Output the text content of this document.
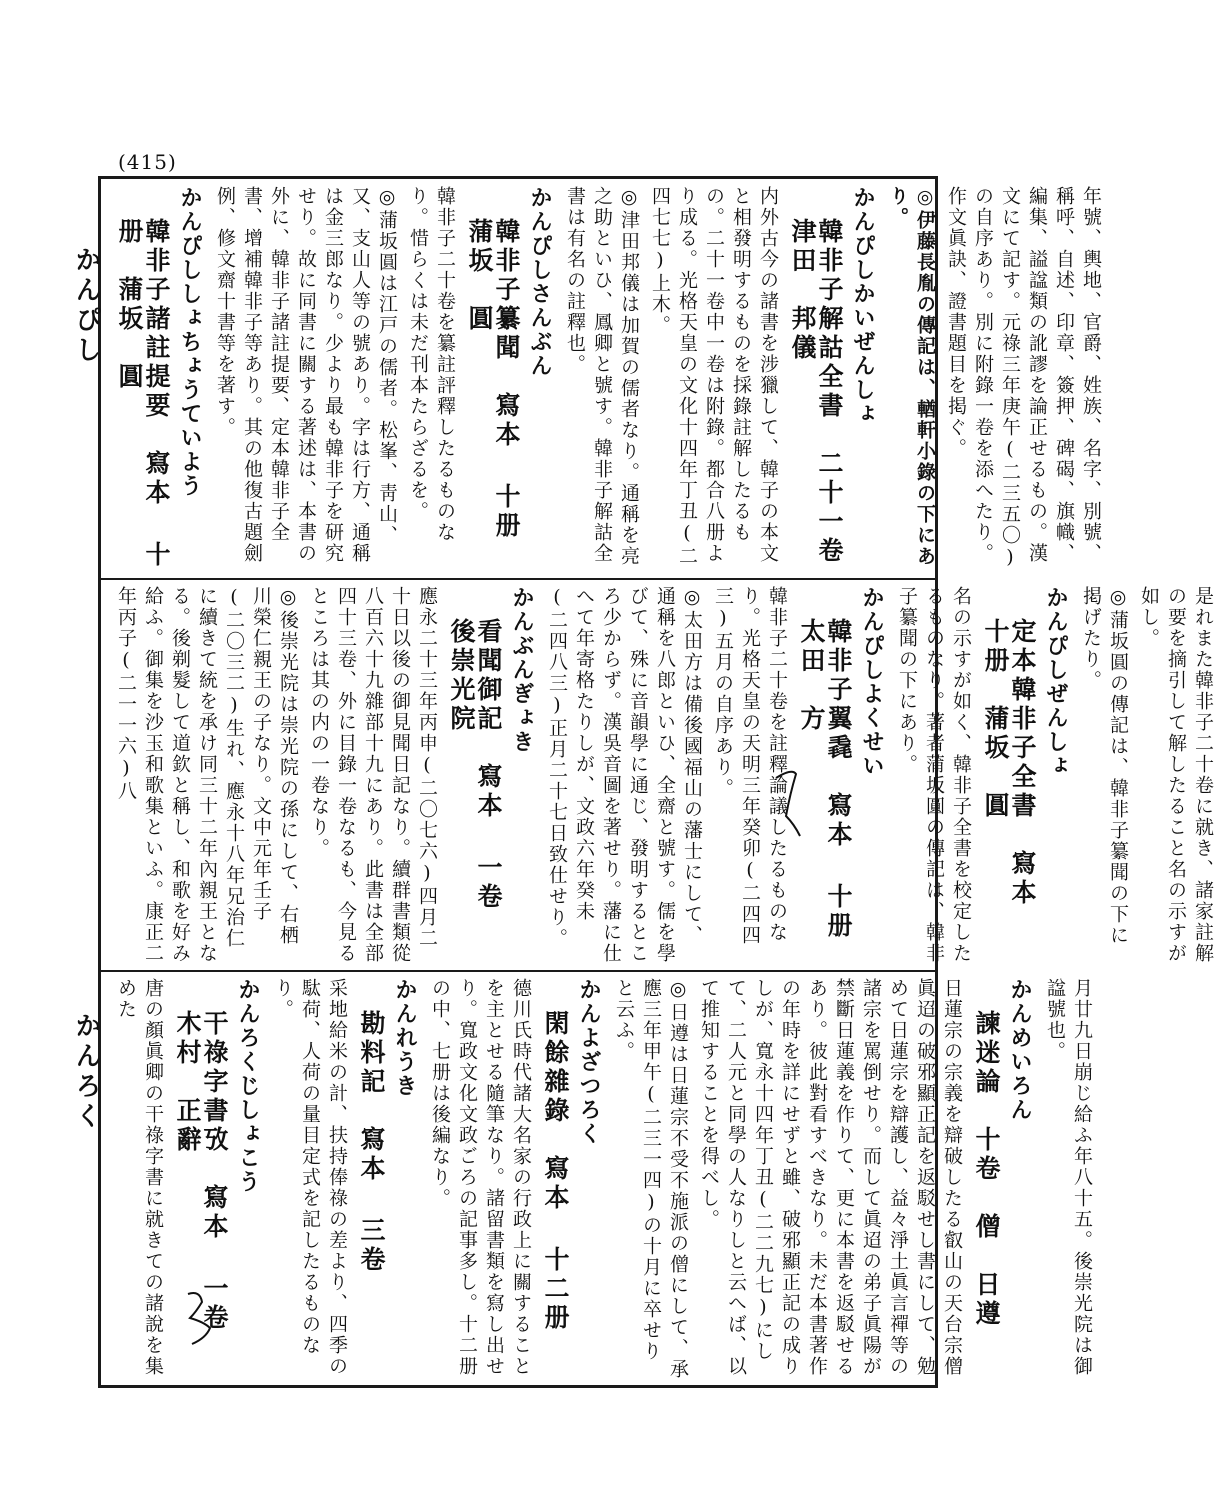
(415)
かんぴし
かんろく

年號、輿地、官爵、姓族、名字、別號、稱呼、自述、印章、簽押、碑碣、旗幟、編集、謚諡類の訛謬を論正せるもの。漢文にて記す。元祿三年庚午(二三五〇)の自序あり。別に附錄一卷を添へたり。作文眞訣、證書題目を掲ぐ。

◎伊藤長胤の傳記は、輶軒小錄の下にあり。

かんぴしかいぜんしょ

韓非子解詁全書　二十一卷　津田　邦儀

内外古今の諸書を涉獵して、韓子の本文と相發明するものを採錄註解したるもの。二十一卷中一卷は附錄。都合八册より成る。光格天皇の文化十四年丁丑(二四七七)上木。

◎津田邦儀は加賀の儒者なり。通稱を亮之助といひ、鳳卿と號す。韓非子解詁全書は有名の註釋也。

かんぴしさんぶん

韓非子纂聞　寫本 十册　蒲坂　圓

韓非子二十卷を纂註評釋したるものなり。惜らくは未だ刊本たらざるを。

◎蒲坂圓は江戸の儒者。松峯、靑山、又、支山人等の號あり。字は行方、通稱は金三郎なり。少より最も韓非子を研究せり。故に同書に關する著述は、本書の外に、韓非子諸註提要、定本韓非子全書、增補韓非子等あり。其の他復古題劍例、修文齋十書等を著す。

かんぴししょちょうていよう

韓非子諸註提要　寫本 十册　蒲坂　圓

是れまた韓非子二十卷に就き、諸家註解の要を摘引して解したること名の示すが如し。

◎蒲坂圓の傳記は、韓非子纂聞の下に掲げたり。

かんぴしぜんしょ

定本韓非子全書　寫本 十册　蒲坂　圓

名の示すが如く、韓非子全書を校定したるものなり。著者蒲坂圓の傳記は、韓非子纂聞の下にあり。

かんぴしよくせい

韓非子翼毳　寫本 十册　太田　方

韓非子二十卷を註釋論議したるものなり。光格天皇の天明三年癸卯(二四四三)五月の自序あり。

◎太田方は備後國福山の藩士にして、通稱を八郎といひ、全齋と號す。儒を學びて、殊に音韻學に通じ、發明するところ少からず。漢吳音圖を著せり。藩に仕へて年寄格たりしが、文政六年癸未(二四八三)正月二十七日致仕せり。

かんぶんぎょき

看聞御記　寫本 一卷　後崇光院

應永二十三年丙申(二〇七六)四月二十日以後の御見聞日記なり。續群書類從八百六十九雜部十九にあり。此書は全部四十三卷、外に目錄一卷なるも、今見るところは其の内の一卷なり。

◎後崇光院は崇光院の孫にして、右栖川榮仁親王の子なり。文中元年壬子(二〇三二)生れ、應永十八年兄治仁に續きて統を承け同三十二年內親王となる。後剃髮して道欽と稱し、和歌を好み給ふ。御集を沙玉和歌集といふ。康正二年丙子(二一一六)八

月廿九日崩じ給ふ年八十五。後崇光院は御諡號也。

かんめいろん

諫迷論　十卷　僧　日遵

日蓮宗の宗義を辯破したる叡山の天台宗僧眞迢の破邪顯正記を返駁せし書にして、勉めて日蓮宗を辯護し、益々淨土眞言禪等の諸宗を罵倒せり。而して眞迢の弟子眞陽が禁斷日蓮義を作りて、更に本書を返駁せるあり。彼此對看すべきなり。未だ本書著作の年時を詳にせずと雖、破邪顯正記の成りしが、寬永十四年丁丑(二二九七)にして、二人元と同學の人なりしと云へば、以て推知することを得べし。

◎日遵は日蓮宗不受不施派の僧にして、承應三年甲午(二三一四)の十月に卒せりと云ふ。

かんよざつろく

閑餘雜錄　寫本 十二册

德川氏時代諸大名家の行政上に關することを主とせる隨筆なり。諸留書類を寫し出せり。寬政文化文政ごろの記事多し。十二册の中、七册は後編なり。

かんれうき

勘料記　寫本 三卷

采地給米の計、扶持俸祿の差より、四季の駄荷、人荷の量目定式を記したるものなり。

かんろくじしょこう

干祿字書攷　寫本 一卷　木村　正辭

唐の顏眞卿の干祿字書に就きての諸說を集めた
